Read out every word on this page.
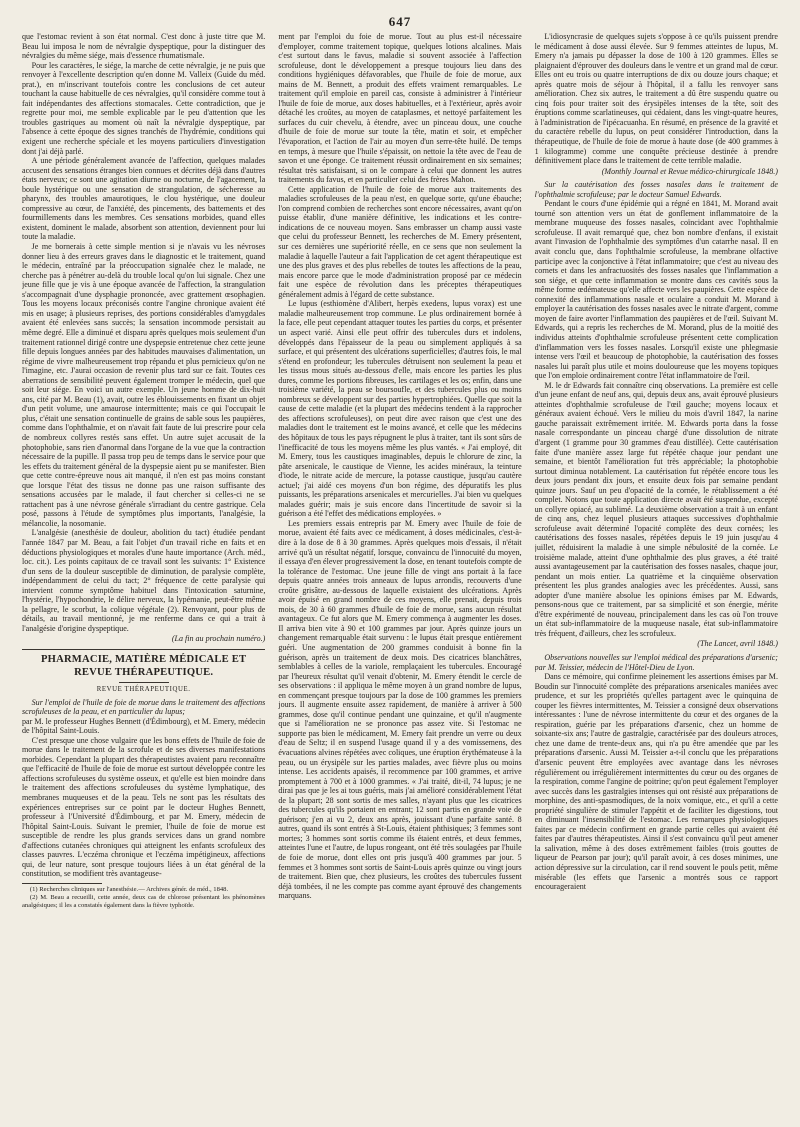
647

que l'estomac revient à son état normal. C'est donc à juste titre que M. Beau lui imposa le nom de névralgie dyspeptique, pour la distinguer des névralgies du même siége, mais d'essence rhumatismale.

Pour les caractères, le siége, la marche de cette névralgie, je ne puis que renvoyer à l'excellente description qu'en donne M. Valleix (Guide du méd. prat.), en m'inscrivant toutefois contre les conclusions de cet auteur touchant la cause habituelle de ces névralgies, qu'il considère comme tout à fait indépendantes des affections stomacales. Cette contradiction, que je regrette pour moi, me semble explicable par le peu d'attention que les troubles gastriques au moment où naît la névralgie dyspeptique, par l'absence à cette époque des signes tranchés de l'hydrémie, conditions qui exigent une recherche spéciale et les moyens particuliers d'investigation dont j'ai déjà parlé.

A une période généralement avancée de l'affection, quelques malades accusent des sensations étranges bien connues et décrites déjà dans d'autres états nerveux; ce sont une agitation diurne ou nocturne, de l'agacement, la boule hystérique ou une sensation de strangulation, de sécheresse au pharynx, des troubles amaurotiques, le clou hystérique, une douleur compressive au cœur, de l'anxiété, des pincements, des battements et des fourmillements dans les membres. Ces sensations morbides, quand elles existent, dominent le malade, absorbent son attention, deviennent pour lui toute la maladie.

Je me bornerais à cette simple mention si je n'avais vu les névroses donner lieu à des erreurs graves dans le diagnostic et le traitement, quand le médecin, entraîné par la préoccupation signalée chez le malade, ne cherche pas à pénétrer au-delà du trouble local qu'on lui signale. Chez une jeune fille que je vis à une époque avancée de l'affection, la strangulation s'accompagnait d'une dysphagie prononcée, avec grattement œsophagien. Tous les moyens locaux préconisés contre l'angine chronique avaient été mis en usage; à plusieurs reprises, des portions considérables d'amygdales avaient été enlevées sans succès; la sensation incommode persistait au même degré. Elle a diminué et disparu après quelques mois seulement d'un traitement rationnel dirigé contre une dyspepsie entretenue chez cette jeune fille depuis longues années par des habitudes mauvaises d'alimentation, un régime de vivre malheureusement trop répandu et plus pernicieux qu'on ne l'imagine, etc. J'aurai occasion de revenir plus tard sur ce fait. Toutes ces aberrations de sensibilité peuvent également tromper le médecin, quel que soit leur siége. En voici un autre exemple. Un jeune homme de dix-huit ans, cité par M. Beau (1), avait, outre les éblouissements en fixant un objet d'un petit volume, une amaurose intermittente; mais ce qui l'occupait le plus, c'était une sensation continuelle de grains de sable sous les paupières, comme dans l'ophthalmie, et on n'avait fait faute de lui prescrire pour cela de nombreux collyres restés sans effet. Un autre sujet accusait de la photophobie, sans rien d'anormal dans l'organe de la vue que la contraction nécessaire de la pupille. Il passa trop peu de temps dans le service pour que les effets du traitement général de la dyspepsie aient pu se manifester. Bien que cette contre-épreuve nous ait manqué, il n'en est pas moins constant que lorsque l'état des tissus ne donne pas une raison suffisante des sensations accusées par le malade, il faut chercher si celles-ci ne se rattachent pas à une névrose générale s'irradiant du centre gastrique. Cela posé, passons à l'étude de symptômes plus importants, l'analgésie, la mélancolie, la nosomanie.

L'analgésie (anesthésie de douleur, abolition du tact) étudiée pendant l'année 1847 par M. Beau, a fait l'objet d'un travail riche en faits et en déductions physiologiques et morales d'une haute importance (Arch. méd., loc. cit.). Les points capitaux de ce travail sont les suivants: 1° Existence d'un sens de la douleur susceptible de diminution, de paralysie complète, indépendamment de celui du tact; 2° fréquence de cette paralysie qui intervient comme symptôme habituel dans l'intoxication saturnine, l'hystérie, l'hypochondrie, le délire nerveux, la lypémanie, peut-être même la pellagre, le scorbut, la colique végétale (2). Renvoyant, pour plus de détails, au travail mentionné, je me renferme dans ce qui a trait à l'analgésie d'origine dyspeptique.

(La fin au prochain numéro.)

PHARMACIE, MATIÈRE MÉDICALE ET REVUE THÉRAPEUTIQUE.
REVUE THÉRAPEUTIQUE.

Sur l'emploi de l'huile de foie de morue dans le traitement des affections scrofuleuses de la peau, et en particulier du lupus;

par M. le professeur Hughes Bennett (d'Édimbourg), et M. Emery, médecin de l'hôpital Saint-Louis.

C'est presque une chose vulgaire que les bons effets de l'huile de foie de morue dans le traitement de la scrofule et de ses diverses manifestations morbides. Cependant la plupart des thérapeutistes avaient paru reconnaître que l'efficacité de l'huile de foie de morue est surtout développée contre les affections scrofuleuses du système osseux, et qu'elle est bien moindre dans le traitement des affections scrofuleuses du système lymphatique, des membranes muqueuses et de la peau. Tels ne sont pas les résultats des expériences entreprises sur ce point par le docteur Hughes Bennett, professeur à l'Université d'Édimbourg, et par M. Emery, médecin de l'hôpital Saint-Louis. Suivant le premier, l'huile de foie de morue est susceptible de rendre les plus grands services dans un grand nombre d'affections cutanées chroniques qui atteignent les enfants scrofuleux des classes pauvres. L'eczéma chronique et l'eczéma impétigineux, affections qui, de leur nature, sont presque toujours liées à un état général de la constitution, se modifient très avantageuse-

(1) Recherches cliniques sur l'anesthésie.— Archives génér. de méd., 1848.

(2) M. Beau a recueilli, cette année, deux cas de chlorose présentant les phénomènes analgésiques; il les a constatés également dans la fièvre typhoïde.

ment par l'emploi du foie de morue. Tout au plus est-il nécessaire d'employer, comme traitement topique, quelques lotions alcalines. Mais c'est surtout dans le favus, maladie si souvent associée à l'affection scrofuleuse, dont le développement a presque toujours lieu dans des conditions hygiéniques défavorables, que l'huile de foie de morue, aux mains de M. Bennett, a produit des effets vraiment remarquables. Le traitement qu'il emploie en pareil cas, consiste à administrer à l'intérieur l'huile de foie de morue, aux doses habituelles, et à l'extérieur, après avoir détaché les croûtes, au moyen de cataplasmes, et nettoyé parfaitement les surfaces du cuir chevelu, à étendre, avec un pinceau doux, une couche d'huile de foie de morue sur toute la tête, matin et soir, et empêcher l'évaporation, et l'action de l'air au moyen d'un serre-tête huilé. De temps en temps, à mesure que l'huile s'épaissit, on nettoie la tête avec de l'eau de savon et une éponge. Ce traitement réussit ordinairement en six semaines; résultat très satisfaisant, si on le compare à celui que donnent les autres traitements du favus, et en particulier celui des frères Mahon.

Cette application de l'huile de foie de morue aux traitements des maladies scrofuleuses de la peau n'est, en quelque sorte, qu'une ébauche; l'on comprend combien de recherches sont encore nécessaires, avant qu'on puisse établir, d'une manière définitive, les indications et les contre-indications de ce nouveau moyen. Sans embrasser un champ aussi vaste que celui du professeur Bennett, les recherches de M. Emery présentent, sur ces dernières une supériorité réelle, en ce sens que non seulement la maladie à laquelle l'auteur a fait l'application de cet agent thérapeutique est une des plus graves et des plus rebelles de toutes les affections de la peau, mais encore parce que le mode d'administration proposé par ce médecin fait une espèce de révolution dans les préceptes thérapeutiques généralement admis à l'égard de cette substance.

Le lupus (esthiomène d'Alibert, herpès exedens, lupus vorax) est une maladie malheureusement trop commune. Le plus ordinairement bornée à la face, elle peut cependant attaquer toutes les parties du corps, et présenter un aspect varié. Ainsi elle peut offrir des tubercules durs et indolens, développés dans l'épaisseur de la peau ou simplement appliqués à sa surface, et qui présentent des ulcérations superficielles; d'autres fois, le mal s'étend en profondeur; les tubercules détruisent non seulement la peau et les tissus mous situés au-dessous d'elle, mais encore les parties les plus dures, comme les portions fibreuses, les cartilages et les os; enfin, dans une troisième variété, la peau se boursoufle, et des tubercules plus ou moins nombreux se développent sur des parties hypertrophiées. Quelle que soit la cause de cette maladie (et la plupart des médecins tendent à la rapprocher des affections scrofuleuses), on peut dire avec raison que c'est une des maladies dont le traitement est le moins avancé, et celle que les médecins des hôpitaux de tous les pays répugnent le plus à traiter, tant ils sont sûrs de l'inefficacité de tous les moyens même les plus vantés. « J'ai employé, dit M. Emery, tous les caustiques imaginables, depuis le chlorure de zinc, la pâte arsenicale, le caustique de Vienne, les acides minéraux, la teinture d'iode, le nitrate acide de mercure, la potasse caustique, jusqu'au cautère actuel; j'ai aidé ces moyens d'un bon régime, des dépuratifs les plus puissants, les préparations arsenicales et mercurielles. J'ai bien vu quelques malades guérir; mais je suis encore dans l'incertitude de savoir si la guérison a été l'effet des médications employées. »

Les premiers essais entrepris par M. Emery avec l'huile de foie de morue, avaient été faits avec ce médicament, à doses médicinales, c'est-à-dire à la dose de 8 à 30 grammes. Après quelques mois d'essais, il n'était arrivé qu'à un résultat négatif, lorsque, convaincu de l'innocuité du moyen, il essaya d'en élever progressivement la dose, en tenant toutefois compte de la tolérance de l'estomac. Une jeune fille de vingt ans portait à la face depuis quatre années trois anneaux de lupus arrondis, recouverts d'une croûte grisâtre, au-dessous de laquelle existaient des ulcérations. Après avoir épuisé en grand nombre de ces moyens, elle prenait, depuis trois mois, de 30 à 60 grammes d'huile de foie de morue, sans aucun résultat avantageux. Ce fut alors que M. Emery commença à augmenter les doses. Il arriva bien vite à 90 et 100 grammes par jour. Après quinze jours un changement remarquable était survenu : le lupus était presque entièrement guéri. Une augmentation de 200 grammes conduisit à bonne fin la guérison, après un traitement de deux mois. Des cicatrices blanchâtres, semblables à celles de la variole, remplaçaient les tubercules. Encouragé par l'heureux résultat qu'il venait d'obtenir, M. Emery étendit le cercle de ses observations : il appliqua le même moyen à un grand nombre de lupus, en commençant presque toujours par la dose de 100 grammes les premiers jours. Il augmente ensuite assez rapidement, de manière à arriver à 500 grammes, dose qu'il continue pendant une quinzaine, et qu'il n'augmente que si l'amélioration ne se prononce pas assez vite. Si l'estomac ne supporte pas bien le médicament, M. Emery fait prendre un verre ou deux d'eau de Seltz; il en suspend l'usage quand il y a des vomissemens, des évacuations alvines répétées avec coliques, une éruption érythémateuse à la peau, ou un érysipèle sur les parties malades, avec fièvre plus ou moins intense. Les accidents apaisés, il recommence par 100 grammes, et arrive promptement à 700 et à 1000 grammes. « J'ai traité, dit-il, 74 lupus; je ne dirai pas que je les ai tous guéris, mais j'ai amélioré considérablement l'état de la plupart; 28 sont sortis de mes salles, n'ayant plus que les cicatrices des tubercules qu'ils portaient en entrant; 12 sont partis en grande voie de guérison; j'en ai vu 2, deux ans après, jouissant d'une parfaite santé. 8 autres, quand ils sont entrés à St-Louis, étaient phthisiques; 3 femmes sont mortes; 3 hommes sont sortis comme ils étaient entrés, et deux femmes, atteintes l'une et l'autre, de lupus rongeant, ont été très soulagées par l'huile de foie de morue, dont elles ont pris jusqu'à 400 grammes par jour. 5 femmes et 3 hommes sont sortis de Saint-Louis après quinze ou vingt jours de traitement. Bien que, chez plusieurs, les croûtes des tubercules fussent déjà tombées, il ne les compte pas comme ayant éprouvé des changements marquans.

L'idiosyncrasie de quelques sujets s'oppose à ce qu'ils puissent prendre le médicament à dose aussi élevée. Sur 9 femmes atteintes de lupus, M. Emery n'a jamais pu dépasser la dose de 100 à 120 grammes. Elles se plaignaient d'éprouver des douleurs dans le ventre et un grand mal de cœur. Elles ont eu trois ou quatre interruptions de dix ou douze jours chaque; et après quatre mois de séjour à l'hôpital, il a fallu les renvoyer sans amélioration. Chez six autres, le traitement a dû être suspendu quatre ou cinq fois pour traiter soit des érysipèles intenses de la tête, soit des éruptions comme scarlatineuses, qui cédaient, dans les vingt-quatre heures, à l'administration de l'ipécacuanha. En résumé, en présence de la gravité et du caractère rebelle du lupus, on peut considérer l'introduction, dans la thérapeutique, de l'huile de foie de morue à haute dose (de 400 grammes à 1 kilogramme) comme une conquête précieuse destinée à prendre définitivement place dans le traitement de cette terrible maladie.

(Monthly Journal et Revue médico-chirurgicale 1848.)

Sur la cautérisation des fosses nasales dans le traitement de l'ophthalmie scrofuleuse; par le docteur Samuel Edwards.

Pendant le cours d'une épidémie qui a régné en 1841, M. Morand avait tourné son attention vers un état de gonflement inflammatoire de la membrane muqueuse des fosses nasales, coïncidant avec l'ophthalmie scrofuleuse. Il avait remarqué que, chez bon nombre d'enfans, il existait avant l'invasion de l'ophthalmie des symptômes d'un catarrhe nasal. Il en avait conclu que, dans l'ophthalmie scrofuleuse, la membrane olfactive participe avec la conjonctive à l'état inflammatoire; que c'est au niveau des cornets et dans les anfractuosités des fosses nasales que l'inflammation a son siége, et que cette inflammation se montre dans ces cavités sous la même forme œdémateuse qu'elle affecte vers les paupières. Cette espèce de connexité des inflammations nasale et oculaire a conduit M. Morand à employer la cautérisation des fosses nasales avec le nitrate d'argent, comme moyen de faire avorter l'inflammation des paupières et de l'œil. Suivant M. Edwards, qui a repris les recherches de M. Morand, plus de la moitié des individus atteints d'ophthalmie scrofuleuse présentent cette complication d'inflammation vers les fosses nasales. Lorsqu'il existe une phlegmasie intense vers l'œil et beaucoup de photophobie, la cautérisation des fosses nasales lui paraît plus utile et moins douloureuse que les moyens topiques que l'on emploie ordinairement contre l'état inflammatoire de l'œil.

M. le dr Edwards fait connaître cinq observations. La première est celle d'un jeune enfant de neuf ans, qui, depuis deux ans, avait éprouvé plusieurs atteintes d'ophthalmie scrofuleuse de l'œil gauche; moyens locaux et généraux avaient échoué. Vers le milieu du mois d'avril 1847, la narine gauche paraissait extrêmement irritée. M. Edwards porta dans la fosse nasale correspondante un pinceau chargé d'une dissolution de nitrate d'argent (1 gramme pour 30 grammes d'eau distillée). Cette cautérisation faite d'une manière assez large fut répétée chaque jour pendant une semaine, et bientôt l'amélioration fut très appréciable; la photophobie surtout diminua notablement. La cautérisation fut répétée encore tous les deux jours pendant dix jours, et ensuite deux fois par semaine pendant quinze jours. Sauf un peu d'opacité de la cornée, le rétablissement a été complet. Notons que toute application directe avait été suspendue, excepté un collyre opiacé, au sublimé. La deuxième observation a trait à un enfant de cinq ans, chez lequel plusieurs attaques successives d'ophthalmie scrofuleuse avait déterminé l'opacité complète des deux cornées; les cautérisations des fosses nasales, répétées depuis le 19 juin jusqu'au 4 juillet, réduisirent la maladie à une simple nébulosité de la cornée. Le troisième malade, atteint d'une ophthalmie des plus graves, a été traité aussi avantageusement par la cautérisation des fosses nasales, chaque jour, pendant un mois entier. La quatrième et la cinquième observation présentent les plus grandes analogies avec les précédentes. Aussi, sans adopter d'une manière absolue les opinions émises par M. Edwards, pensons-nous que ce traitement, par sa simplicité et son énergie, mérite d'être expérimenté de nouveau, principalement dans les cas où l'on trouve un état sub-inflammatoire de la muqueuse nasale, état sub-inflammatoire très fréquent, d'ailleurs, chez les scrofuleux.

(The Lancet, avril 1848.)

Observations nouvelles sur l'emploi médical des préparations d'arsenic; par M. Teissier, médecin de l'Hôtel-Dieu de Lyon.

Dans ce mémoire, qui confirme pleinement les assertions émises par M. Boudin sur l'innocuité complète des préparations arsenicales maniées avec prudence, et sur les propriétés qu'elles partagent avec le quinquina de couper les fièvres intermittentes, M. Teissier a consigné deux observations intéressantes : l'une de névrose intermittente du cœur et des organes de la respiration, guérie par les préparations d'arsenic, chez un homme de soixante-six ans; l'autre de gastralgie, caractérisée par des douleurs atroces, chez une dame de trente-deux ans, qui n'a pu être amendée que par les préparations d'arsenic. Aussi M. Teissier a-t-il conclu que les préparations d'arsenic peuvent être employées avec avantage dans les névroses régulièrement ou irrégulièrement intermittentes du cœur ou des organes de la respiration, comme l'angine de poitrine; qu'on peut également l'employer avec succès dans les gastralgies intenses qui ont résisté aux préparations de morphine, des anti-spasmodiques, de la noix vomique, etc., et qu'il a cette propriété singulière de stimuler l'appétit et de faciliter les digestions, tout en diminuant l'insensibilité de l'estomac. Les remarques physiologiques faites par ce médecin confirment en grande partie celles qui avaient été faites par d'autres thérapeutistes. Ainsi il s'est convaincu qu'il peut amener la salivation, même à des doses extrêmement faibles (trois gouttes de liqueur de Pearson par jour); qu'il paraît avoir, à ces doses minimes, une action dépressive sur la circulation, car il rend souvent le pouls petit, même misérable (les effets que l'arsenic a montrés sous ce rapport encourageraient
